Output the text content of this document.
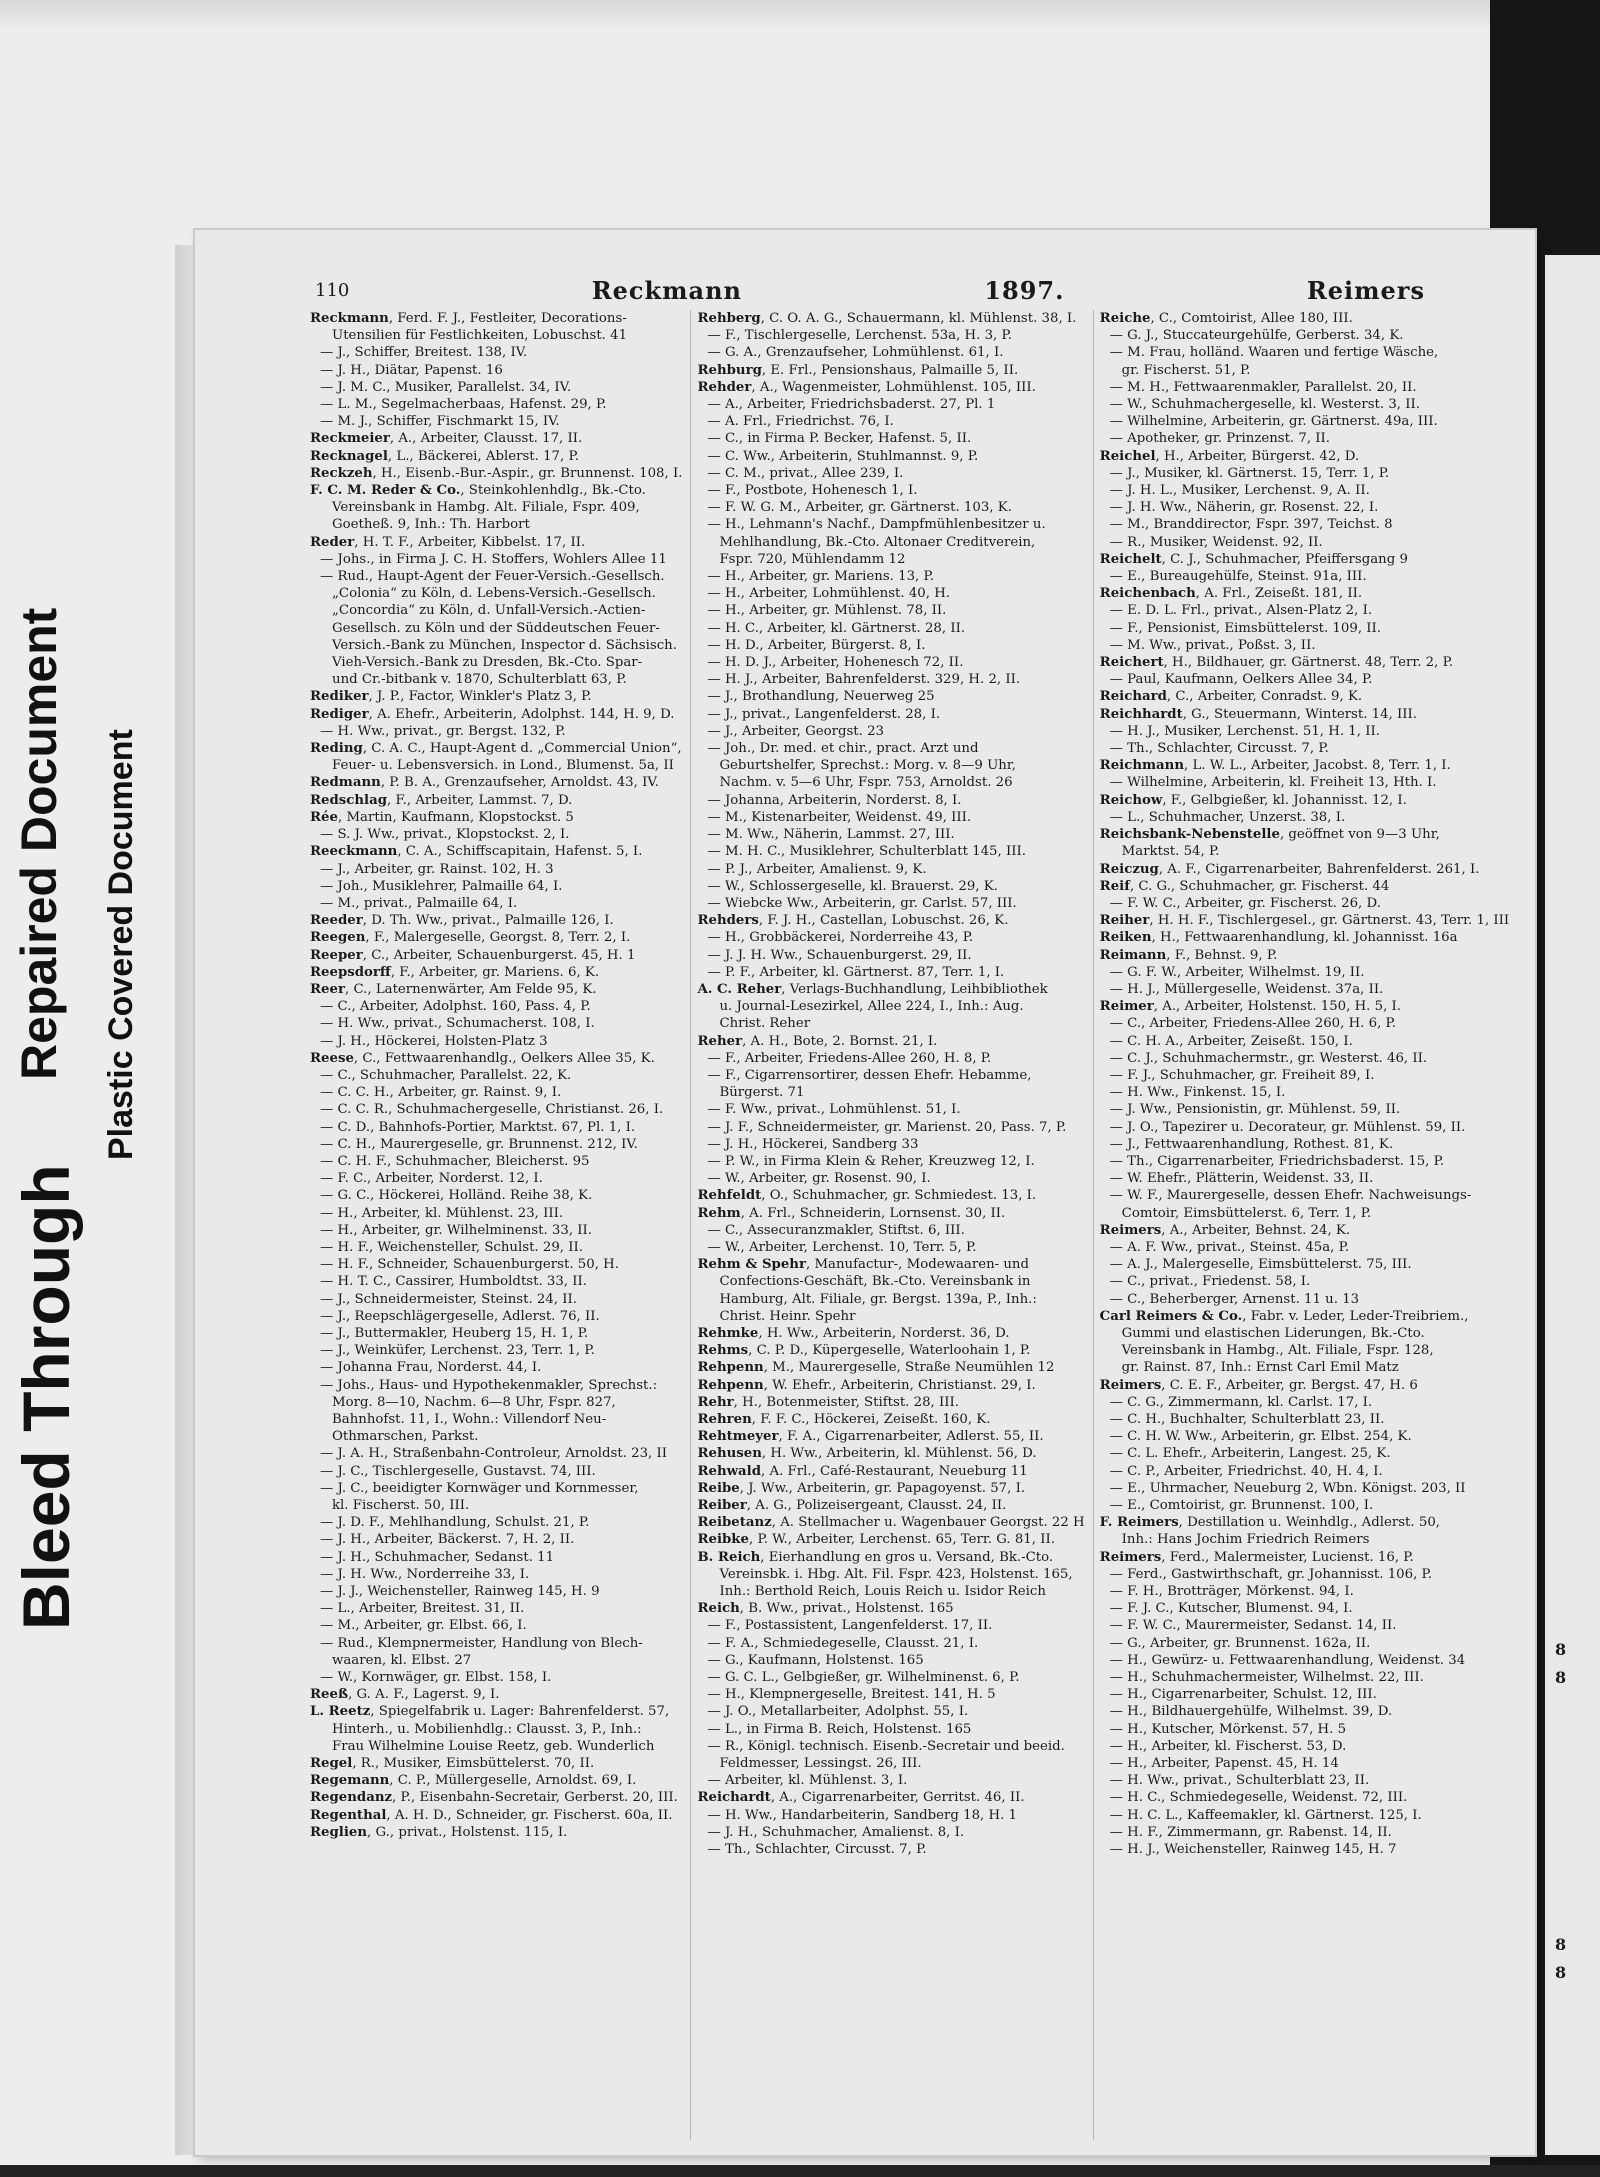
Bleed Through
Repaired Document Plastic Covered Document
110	Reckmann	1897.	Reimers
Reckmann, Ferd. F. J., Festleiter, Decorations-
Utensilien für Festlichkeiten, Lobuschst. 41
— J., Schiffer, Breitest. 138, IV.
— J. H., Diätar, Papenst. 16
— J. M. C., Musiker, Parallelst. 34, IV.
— L. M., Segelmacherbaas, Hafenst. 29, P.
— M. J., Schiffer, Fischmarkt 15, IV.
Reckmeier, A., Arbeiter, Clausst. 17, II.
Recknagel, L., Bäckerei, Ablerst. 17, P.
Reckzeh, H., Eisenb.-Bur.-Aspir., gr. Brunnenst. 108, I.
F. C. M. Reder & Co., Steinkohlenhdlg., Bk.-Cto.
Vereinsbank in Hambg. Alt. Filiale, Fspr. 409,
Goetheß. 9, Inh.: Th. Harbort
Reder, H. T. F., Arbeiter, Kibbelst. 17, II.
— Johs., in Firma J. C. H. Stoffers, Wohlers Allee 11
— Rud., Haupt-Agent der Feuer-Versich.-Gesellsch.
„Colonia“ zu Köln, d. Lebens-Versich.-Gesellsch.
„Concordia“ zu Köln, d. Unfall-Versich.-Actien-
Gesellsch. zu Köln und der Süddeutschen Feuer-
Versich.-Bank zu München, Inspector d. Sächsisch.
Vieh-Versich.-Bank zu Dresden, Bk.-Cto. Spar-
und Cr.-bitbank v. 1870, Schulterblatt 63, P.
Rediker, J. P., Factor, Winkler's Platz 3, P.
Rediger, A. Ehefr., Arbeiterin, Adolphst. 144, H. 9, D.
— H. Ww., privat., gr. Bergst. 132, P.
Reding, C. A. C., Haupt-Agent d. „Commercial Union“,
Feuer- u. Lebensversich. in Lond., Blumenst. 5a, II
Redmann, P. B. A., Grenzaufseher, Arnoldst. 43, IV.
Redschlag, F., Arbeiter, Lammst. 7, D.
Rée, Martin, Kaufmann, Klopstockst. 5
— S. J. Ww., privat., Klopstockst. 2, I.
Reeckmann, C. A., Schiffscapitain, Hafenst. 5, I.
— J., Arbeiter, gr. Rainst. 102, H. 3
— Joh., Musiklehrer, Palmaille 64, I.
— M., privat., Palmaille 64, I.
Reeder, D. Th. Ww., privat., Palmaille 126, I.
Reegen, F., Malergeselle, Georgst. 8, Terr. 2, I.
Reeper, C., Arbeiter, Schauenburgerst. 45, H. 1
Reepsdorff, F., Arbeiter, gr. Mariens. 6, K.
Reer, C., Laternenwärter, Am Felde 95, K.
— C., Arbeiter, Adolphst. 160, Pass. 4, P.
— H. Ww., privat., Schumacherst. 108, I.
— J. H., Höckerei, Holsten-Platz 3
Reese, C., Fettwaarenhandlg., Oelkers Allee 35, K.
— C., Schuhmacher, Parallelst. 22, K.
— C. C. H., Arbeiter, gr. Rainst. 9, I.
— C. C. R., Schuhmachergeselle, Christianst. 26, I.
— C. D., Bahnhofs-Portier, Marktst. 67, Pl. 1, I.
— C. H., Maurergeselle, gr. Brunnenst. 212, IV.
— C. H. F., Schuhmacher, Bleicherst. 95
— F. C., Arbeiter, Norderst. 12, I.
— G. C., Höckerei, Holländ. Reihe 38, K.
— H., Arbeiter, kl. Mühlenst. 23, III.
— H., Arbeiter, gr. Wilhelminenst. 33, II.
— H. F., Weichensteller, Schulst. 29, II.
— H. F., Schneider, Schauenburgerst. 50, H.
— H. T. C., Cassirer, Humboldtst. 33, II.
— J., Schneidermeister, Steinst. 24, II.
— J., Reepschlägergeselle, Adlerst. 76, II.
— J., Buttermakler, Heuberg 15, H. 1, P.
— J., Weinküfer, Lerchenst. 23, Terr. 1, P.
— Johanna Frau, Norderst. 44, I.
— Johs., Haus- und Hypothekenmakler, Sprechst.:
Morg. 8—10, Nachm. 6—8 Uhr, Fspr. 827,
Bahnhofst. 11, I., Wohn.: Villendorf Neu-
Othmarschen, Parkst.
— J. A. H., Straßenbahn-Controleur, Arnoldst. 23, II
— J. C., Tischlergeselle, Gustavst. 74, III.
— J. C., beeidigter Kornwäger und Kornmesser,
kl. Fischerst. 50, III.
— J. D. F., Mehlhandlung, Schulst. 21, P.
— J. H., Arbeiter, Bäckerst. 7, H. 2, II.
— J. H., Schuhmacher, Sedanst. 11
— J. H. Ww., Norderreihe 33, I.
— J. J., Weichensteller, Rainweg 145, H. 9
— L., Arbeiter, Breitest. 31, II.
— M., Arbeiter, gr. Elbst. 66, I.
— Rud., Klempnermeister, Handlung von Blech-
waaren, kl. Elbst. 27
— W., Kornwäger, gr. Elbst. 158, I.
Reeß, G. A. F., Lagerst. 9, I.
L. Reetz, Spiegelfabrik u. Lager: Bahrenfelderst. 57,
Hinterh., u. Mobilienhdlg.: Clausst. 3, P., Inh.:
Frau Wilhelmine Louise Reetz, geb. Wunderlich
Regel, R., Musiker, Eimsbüttelerst. 70, II.
Regemann, C. P., Müllergeselle, Arnoldst. 69, I.
Regendanz, P., Eisenbahn-Secretair, Gerberst. 20, III.
Regenthal, A. H. D., Schneider, gr. Fischerst. 60a, II.
Reglien, G., privat., Holstenst. 115, I.
Rehberg, C. O. A. G., Schauermann, kl. Mühlenst. 38, I.
— F., Tischlergeselle, Lerchenst. 53a, H. 3, P.
— G. A., Grenzaufseher, Lohmühlenst. 61, I.
Rehburg, E. Frl., Pensionshaus, Palmaille 5, II.
Rehder, A., Wagenmeister, Lohmühlenst. 105, III.
— A., Arbeiter, Friedrichsbaderst. 27, Pl. 1
— A. Frl., Friedrichst. 76, I.
— C., in Firma P. Becker, Hafenst. 5, II.
— C. Ww., Arbeiterin, Stuhlmannst. 9, P.
— C. M., privat., Allee 239, I.
— F., Postbote, Hohenesch 1, I.
— F. W. G. M., Arbeiter, gr. Gärtnerst. 103, K.
— H., Lehmann's Nachf., Dampfmühlenbesitzer u.
Mehlhandlung, Bk.-Cto. Altonaer Creditverein,
Fspr. 720, Mühlendamm 12
— H., Arbeiter, gr. Mariens. 13, P.
— H., Arbeiter, Lohmühlenst. 40, H.
— H., Arbeiter, gr. Mühlenst. 78, II.
— H. C., Arbeiter, kl. Gärtnerst. 28, II.
— H. D., Arbeiter, Bürgerst. 8, I.
— H. D. J., Arbeiter, Hohenesch 72, II.
— H. J., Arbeiter, Bahrenfelderst. 329, H. 2, II.
— J., Brothandlung, Neuerweg 25
— J., privat., Langenfelderst. 28, I.
— J., Arbeiter, Georgst. 23
— Joh., Dr. med. et chir., pract. Arzt und
Geburtshelfer, Sprechst.: Morg. v. 8—9 Uhr,
Nachm. v. 5—6 Uhr, Fspr. 753, Arnoldst. 26
— Johanna, Arbeiterin, Norderst. 8, I.
— M., Kistenarbeiter, Weidenst. 49, III.
— M. Ww., Näherin, Lammst. 27, III.
— M. H. C., Musiklehrer, Schulterblatt 145, III.
— P. J., Arbeiter, Amalienst. 9, K.
— W., Schlossergeselle, kl. Brauerst. 29, K.
— Wiebcke Ww., Arbeiterin, gr. Carlst. 57, III.
Rehders, F. J. H., Castellan, Lobuschst. 26, K.
— H., Grobbäckerei, Norderreihe 43, P.
— J. J. H. Ww., Schauenburgerst. 29, II.
— P. F., Arbeiter, kl. Gärtnerst. 87, Terr. 1, I.
A. C. Reher, Verlags-Buchhandlung, Leihbibliothek
u. Journal-Lesezirkel, Allee 224, I., Inh.: Aug.
Christ. Reher
Reher, A. H., Bote, 2. Bornst. 21, I.
— F., Arbeiter, Friedens-Allee 260, H. 8, P.
— F., Cigarrensortirer, dessen Ehefr. Hebamme,
Bürgerst. 71
— F. Ww., privat., Lohmühlenst. 51, I.
— J. F., Schneidermeister, gr. Marienst. 20, Pass. 7, P.
— J. H., Höckerei, Sandberg 33
— P. W., in Firma Klein & Reher, Kreuzweg 12, I.
— W., Arbeiter, gr. Rosenst. 90, I.
Rehfeldt, O., Schuhmacher, gr. Schmiedest. 13, I.
Rehm, A. Frl., Schneiderin, Lornsenst. 30, II.
— C., Assecuranzmakler, Stiftst. 6, III.
— W., Arbeiter, Lerchenst. 10, Terr. 5, P.
Rehm & Spehr, Manufactur-, Modewaaren- und
Confections-Geschäft, Bk.-Cto. Vereinsbank in
Hamburg, Alt. Filiale, gr. Bergst. 139a, P., Inh.:
Christ. Heinr. Spehr
Rehmke, H. Ww., Arbeiterin, Norderst. 36, D.
Rehms, C. P. D., Küpergeselle, Waterloohain 1, P.
Rehpenn, M., Maurergeselle, Straße Neumühlen 12
Rehpenn, W. Ehefr., Arbeiterin, Christianst. 29, I.
Rehr, H., Botenmeister, Stiftst. 28, III.
Rehren, F. F. C., Höckerei, Zeiseßt. 160, K.
Rehtmeyer, F. A., Cigarrenarbeiter, Adlerst. 55, II.
Rehusen, H. Ww., Arbeiterin, kl. Mühlenst. 56, D.
Rehwald, A. Frl., Café-Restaurant, Neueburg 11
Reibe, J. Ww., Arbeiterin, gr. Papagoyenst. 57, I.
Reiber, A. G., Polizeisergeant, Clausst. 24, II.
Reibetanz, A. Stellmacher u. Wagenbauer Georgst. 22 H
Reibke, P. W., Arbeiter, Lerchenst. 65, Terr. G. 81, II.
B. Reich, Eierhandlung en gros u. Versand, Bk.-Cto.
Vereinsbk. i. Hbg. Alt. Fil. Fspr. 423, Holstenst. 165,
Inh.: Berthold Reich, Louis Reich u. Isidor Reich
Reich, B. Ww., privat., Holstenst. 165
— F., Postassistent, Langenfelderst. 17, II.
— F. A., Schmiedegeselle, Clausst. 21, I.
— G., Kaufmann, Holstenst. 165
— G. C. L., Gelbgießer, gr. Wilhelminenst. 6, P.
— H., Klempnergeselle, Breitest. 141, H. 5
— J. O., Metallarbeiter, Adolphst. 55, I.
— L., in Firma B. Reich, Holstenst. 165
— R., Königl. technisch. Eisenb.-Secretair und beeid.
Feldmesser, Lessingst. 26, III.
— Arbeiter, kl. Mühlenst. 3, I.
Reichardt, A., Cigarrenarbeiter, Gerritst. 46, II.
— H. Ww., Handarbeiterin, Sandberg 18, H. 1
— J. H., Schuhmacher, Amalienst. 8, I.
— Th., Schlachter, Circusst. 7, P.
Reiche, C., Comtoirist, Allee 180, III.
— G. J., Stuccateurgehülfe, Gerberst. 34, K.
— M. Frau, holländ. Waaren und fertige Wäsche,
gr. Fischerst. 51, P.
— M. H., Fettwaarenmakler, Parallelst. 20, II.
— W., Schuhmachergeselle, kl. Westerst. 3, II.
— Wilhelmine, Arbeiterin, gr. Gärtnerst. 49a, III.
— Apotheker, gr. Prinzenst. 7, II.
Reichel, H., Arbeiter, Bürgerst. 42, D.
— J., Musiker, kl. Gärtnerst. 15, Terr. 1, P.
— J. H. L., Musiker, Lerchenst. 9, A. II.
— J. H. Ww., Näherin, gr. Rosenst. 22, I.
— M., Branddirector, Fspr. 397, Teichst. 8
— R., Musiker, Weidenst. 92, II.
Reichelt, C. J., Schuhmacher, Pfeiffersgang 9
— E., Bureaugehülfe, Steinst. 91a, III.
Reichenbach, A. Frl., Zeiseßt. 181, II.
— E. D. L. Frl., privat., Alsen-Platz 2, I.
— F., Pensionist, Eimsbüttelerst. 109, II.
— M. Ww., privat., Poßst. 3, II.
Reichert, H., Bildhauer, gr. Gärtnerst. 48, Terr. 2, P.
— Paul, Kaufmann, Oelkers Allee 34, P.
Reichard, C., Arbeiter, Conradst. 9, K.
Reichhardt, G., Steuermann, Winterst. 14, III.
— H. J., Musiker, Lerchenst. 51, H. 1, II.
— Th., Schlachter, Circusst. 7, P.
Reichmann, L. W. L., Arbeiter, Jacobst. 8, Terr. 1, I.
— Wilhelmine, Arbeiterin, kl. Freiheit 13, Hth. I.
Reichow, F., Gelbgießer, kl. Johannisst. 12, I.
— L., Schuhmacher, Unzerst. 38, I.
Reichsbank-Nebenstelle, geöffnet von 9—3 Uhr,
Marktst. 54, P.
Reiczug, A. F., Cigarrenarbeiter, Bahrenfelderst. 261, I.
Reif, C. G., Schuhmacher, gr. Fischerst. 44
— F. W. C., Arbeiter, gr. Fischerst. 26, D.
Reiher, H. H. F., Tischlergesel., gr. Gärtnerst. 43, Terr. 1, III
Reiken, H., Fettwaarenhandlung, kl. Johannisst. 16a
Reimann, F., Behnst. 9, P.
— G. F. W., Arbeiter, Wilhelmst. 19, II.
— H. J., Müllergeselle, Weidenst. 37a, II.
Reimer, A., Arbeiter, Holstenst. 150, H. 5, I.
— C., Arbeiter, Friedens-Allee 260, H. 6, P.
— C. H. A., Arbeiter, Zeiseßt. 150, I.
— C. J., Schuhmachermstr., gr. Westerst. 46, II.
— F. J., Schuhmacher, gr. Freiheit 89, I.
— H. Ww., Finkenst. 15, I.
— J. Ww., Pensionistin, gr. Mühlenst. 59, II.
— J. O., Tapezirer u. Decorateur, gr. Mühlenst. 59, II.
— J., Fettwaarenhandlung, Rothest. 81, K.
— Th., Cigarrenarbeiter, Friedrichsbaderst. 15, P.
— W. Ehefr., Plätterin, Weidenst. 33, II.
— W. F., Maurergeselle, dessen Ehefr. Nachweisungs-
Comtoir, Eimsbüttelerst. 6, Terr. 1, P.
Reimers, A., Arbeiter, Behnst. 24, K.
— A. F. Ww., privat., Steinst. 45a, P.
— A. J., Malergeselle, Eimsbüttelerst. 75, III.
— C., privat., Friedenst. 58, I.
— C., Beherberger, Arnenst. 11 u. 13
Carl Reimers & Co., Fabr. v. Leder, Leder-Treibriem.,
Gummi und elastischen Liderungen, Bk.-Cto.
Vereinsbank in Hambg., Alt. Filiale, Fspr. 128,
gr. Rainst. 87, Inh.: Ernst Carl Emil Matz
Reimers, C. E. F., Arbeiter, gr. Bergst. 47, H. 6
— C. G., Zimmermann, kl. Carlst. 17, I.
— C. H., Buchhalter, Schulterblatt 23, II.
— C. H. W. Ww., Arbeiterin, gr. Elbst. 254, K.
— C. L. Ehefr., Arbeiterin, Langest. 25, K.
— C. P., Arbeiter, Friedrichst. 40, H. 4, I.
— E., Uhrmacher, Neueburg 2, Wbn. Königst. 203, II
— E., Comtoirist, gr. Brunnenst. 100, I.
F. Reimers, Destillation u. Weinhdlg., Adlerst. 50,
Inh.: Hans Jochim Friedrich Reimers
Reimers, Ferd., Malermeister, Lucienst. 16, P.
— Ferd., Gastwirthschaft, gr. Johannisst. 106, P.
— F. H., Brotträger, Mörkenst. 94, I.
— F. J. C., Kutscher, Blumenst. 94, I.
— F. W. C., Maurermeister, Sedanst. 14, II.
— G., Arbeiter, gr. Brunnenst. 162a, II.
— H., Gewürz- u. Fettwaarenhandlung, Weidenst. 34
— H., Schuhmachermeister, Wilhelmst. 22, III.
— H., Cigarrenarbeiter, Schulst. 12, III.
— H., Bildhauergehülfe, Wilhelmst. 39, D.
— H., Kutscher, Mörkenst. 57, H. 5
— H., Arbeiter, kl. Fischerst. 53, D.
— H., Arbeiter, Papenst. 45, H. 14
— H. Ww., privat., Schulterblatt 23, II.
— H. C., Schmiedegeselle, Weidenst. 72, III.
— H. C. L., Kaffeemakler, kl. Gärtnerst. 125, I.
— H. F., Zimmermann, gr. Rabenst. 14, II.
— H. J., Weichensteller, Rainweg 145, H. 7
8
8
8
8
